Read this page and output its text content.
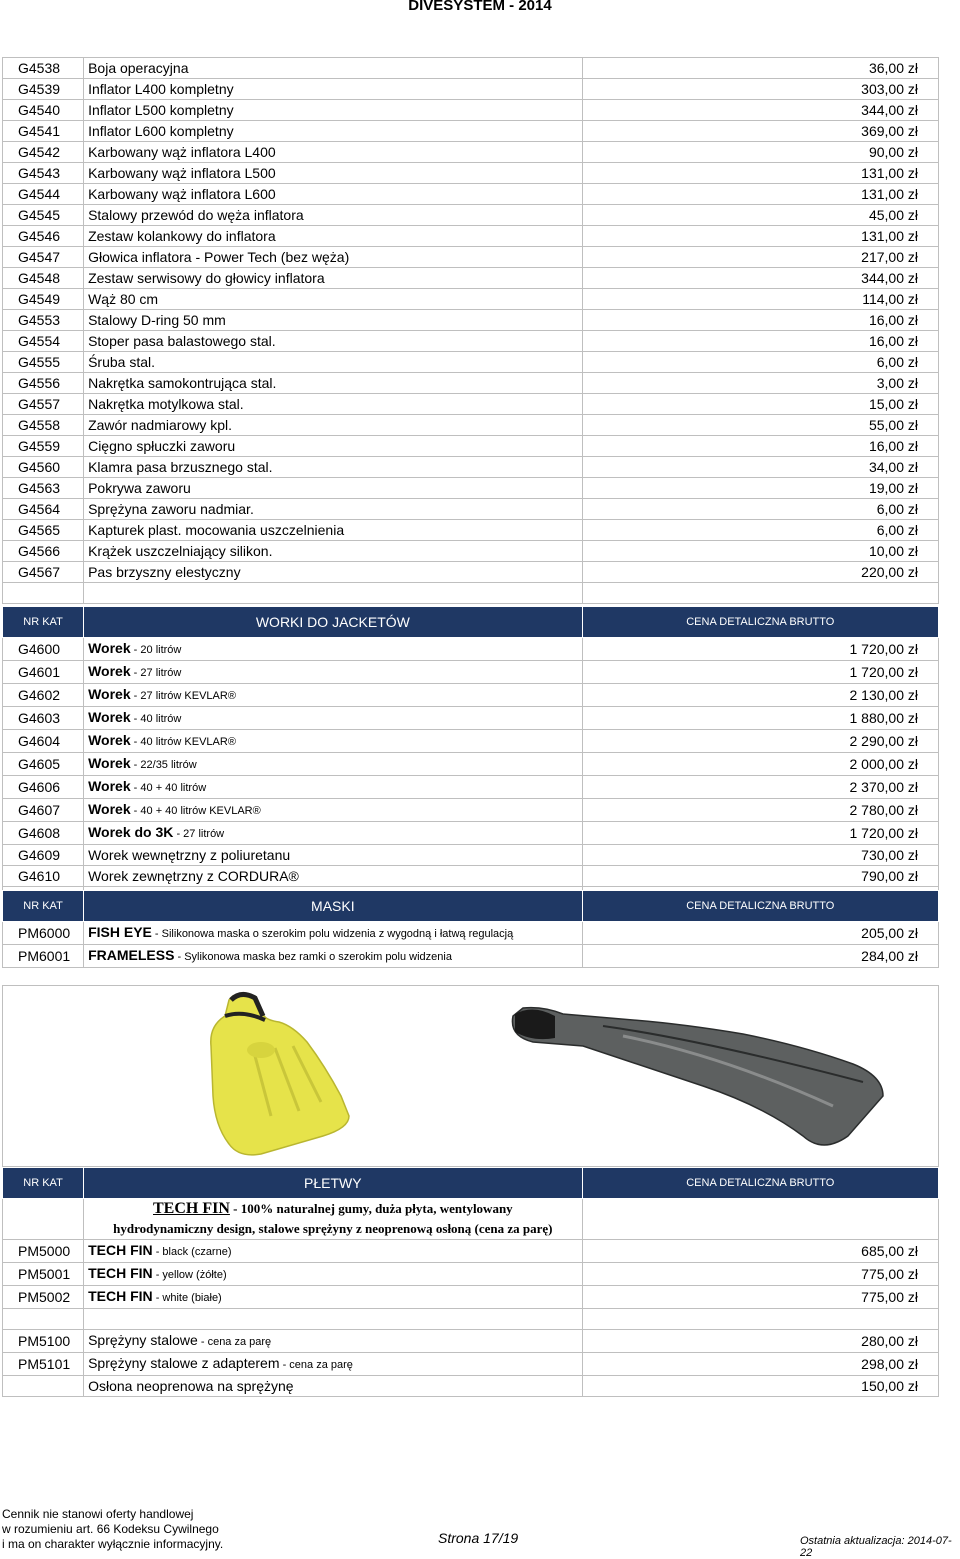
DIVESYSTEM - 2014
G4538	Boja operacyjna	36,00 zł
G4539	Inflator L400 kompletny	303,00 zł
G4540	Inflator L500 kompletny	344,00 zł
G4541	Inflator L600 kompletny	369,00 zł
G4542	Karbowany wąż inflatora L400	90,00 zł
G4543	Karbowany wąż inflatora L500	131,00 zł
G4544	Karbowany wąż inflatora L600	131,00 zł
G4545	Stalowy przewód do węża inflatora	45,00 zł
G4546	Zestaw kolankowy do inflatora	131,00 zł
G4547	Głowica inflatora - Power Tech (bez węża)	217,00 zł
G4548	Zestaw serwisowy do głowicy inflatora	344,00 zł
G4549	Wąż 80 cm	114,00 zł
G4553	Stalowy D-ring 50 mm	16,00 zł
G4554	Stoper pasa balastowego stal.	16,00 zł
G4555	Śruba stal.	6,00 zł
G4556	Nakrętka samokontrująca stal.	3,00 zł
G4557	Nakrętka motylkowa stal.	15,00 zł
G4558	Zawór nadmiarowy kpl.	55,00 zł
G4559	Cięgno spłuczki zaworu	16,00 zł
G4560	Klamra pasa brzusznego stal.	34,00 zł
G4563	Pokrywa zaworu	19,00 zł
G4564	Sprężyna zaworu nadmiar.	6,00 zł
G4565	Kapturek plast. mocowania uszczelnienia	6,00 zł
G4566	Krążek uszczelniający silikon.	10,00 zł
G4567	Pas brzyszny elestyczny	220,00 zł

NR KAT	WORKI DO JACKETÓW	CENA DETALICZNA BRUTTO
G4600	Worek - 20 litrów	1 720,00 zł
G4601	Worek - 27 litrów	1 720,00 zł
G4602	Worek - 27 litrów KEVLAR®	2 130,00 zł
G4603	Worek - 40 litrów	1 880,00 zł
G4604	Worek - 40 litrów KEVLAR®	2 290,00 zł
G4605	Worek - 22/35 litrów	2 000,00 zł
G4606	Worek - 40 + 40 litrów	2 370,00 zł
G4607	Worek - 40 + 40 litrów KEVLAR®	2 780,00 zł
G4608	Worek do 3K - 27 litrów	1 720,00 zł
G4609	Worek wewnętrzny z poliuretanu	730,00 zł
G4610	Worek zewnętrzny z CORDURA®	790,00 zł

NR KAT	MASKI	CENA DETALICZNA BRUTTO
PM6000	FISH EYE - Silikonowa maska o szerokim polu widzenia z wygodną i łatwą regulacją	205,00 zł
PM6001	FRAMELESS - Sylikonowa maska bez ramki o szerokim polu widzenia	284,00 zł
NR KAT	PŁETWY	CENA DETALICZNA BRUTTO
	TECH FIN - 100% naturalnej gumy, duża płyta, wentylowany
hydrodynamiczny design, stalowe sprężyny z neoprenową osłoną (cena za parę)	
PM5000	TECH FIN - black (czarne)	685,00 zł
PM5001	TECH FIN - yellow (żółte)	775,00 zł
PM5002	TECH FIN - white (białe)	775,00 zł

PM5100	Sprężyny stalowe - cena za parę	280,00 zł
PM5101	Sprężyny stalowe z adapterem - cena za parę	298,00 zł
	Osłona neoprenowa na sprężynę	150,00 zł
Cennik nie stanowi oferty handlowej
w rozumieniu art. 66 Kodeksu Cywilnego
i ma on charakter wyłącznie informacyjny.	Strona 17/19	Ostatnia aktualizacja: 2014-07-22
